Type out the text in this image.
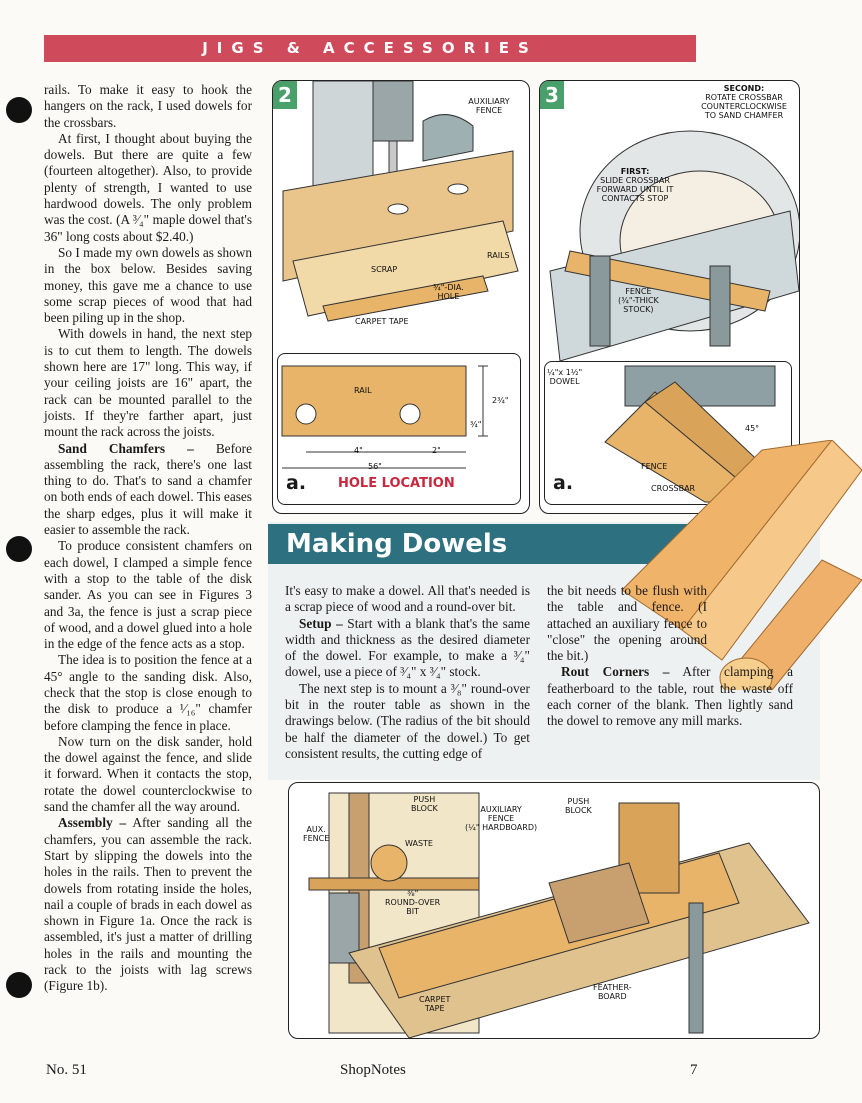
JIGS & ACCESSORIES

rails. To make it easy to hook the hangers on the rack, I used dowels for the crossbars.

At first, I thought about buying the dowels. But there are quite a few (fourteen altogether). Also, to provide plenty of strength, I wanted to use hardwood dowels. The only problem was the cost. (A ³⁄₄" maple dowel that's 36" long costs about $2.40.)

So I made my own dowels as shown in the box below. Besides saving money, this gave me a chance to use some scrap pieces of wood that had been piling up in the shop.

With dowels in hand, the next step is to cut them to length. The dowels shown here are 17" long. This way, if your ceiling joists are 16" apart, the rack can be mounted parallel to the joists. If they're farther apart, just mount the rack across the joists.

Sand Chamfers – Before assembling the rack, there's one last thing to do. That's to sand a chamfer on both ends of each dowel. This eases the sharp edges, plus it will make it easier to assemble the rack.

To produce consistent chamfers on each dowel, I clamped a simple fence with a stop to the table of the disk sander. As you can see in Figures 3 and 3a, the fence is just a scrap piece of wood, and a dowel glued into a hole in the edge of the fence acts as a stop.

The idea is to position the fence at a 45° angle to the sanding disk. Also, check that the stop is close enough to the disk to produce a ¹⁄₁₆" chamfer before clamping the fence in place.

Now turn on the disk sander, hold the dowel against the fence, and slide it forward. When it contacts the stop, rotate the dowel counterclockwise to sand the chamfer all the way around.

Assembly – After sanding all the chamfers, you can assemble the rack. Start by slipping the dowels into the holes in the rails. Then to prevent the dowels from rotating inside the holes, nail a couple of brads in each dowel as shown in Figure 1a. Once the rack is assembled, it's just a matter of drilling holes in the rails and mounting the rack to the joists with lag screws (Figure 1b).

2	AUXILIARY
FENCE
RAILS
SCRAP
¾"-DIA.
HOLE
CARPET TAPE
RAIL
2¾"
¾"
4"	2"
56"
a. HOLE LOCATION
3	SECOND:
ROTATE CROSSBAR
COUNTERCLOCKWISE
TO SAND CHAMFER
FIRST:
SLIDE CROSSBAR
FORWARD UNTIL IT
CONTACTS STOP
FENCE
(¾"-THICK
STOCK)
¼"x 1½"
DOWEL
45°
FENCE
CROSSBAR
a.
Making Dowels

It's easy to make a dowel. All that's needed is a scrap piece of wood and a round-over bit.

Setup – Start with a blank that's the same width and thickness as the desired diameter of the dowel. For example, to make a ³⁄₄" dowel, use a piece of ³⁄₄" x ³⁄₄" stock.

The next step is to mount a ³⁄₈" round-over bit in the router table as shown in the drawings below. (The radius of the bit should be half the diameter of the dowel.) To get consistent results, the cutting edge of

the bit needs to be flush with the table and fence. (I attached an auxiliary fence to "close" the opening around the bit.)

Rout Corners – After clamping a featherboard to the table, rout the waste off each corner of the blank. Then lightly sand the dowel to remove any mill marks.

PUSH
BLOCK
AUX.
FENCE
WASTE
⅜"
ROUND-OVER
BIT
AUXILIARY
FENCE
(¼" HARDBOARD)
PUSH
BLOCK
CARPET
TAPE
FEATHER-
BOARD
No. 51	ShopNotes	7
